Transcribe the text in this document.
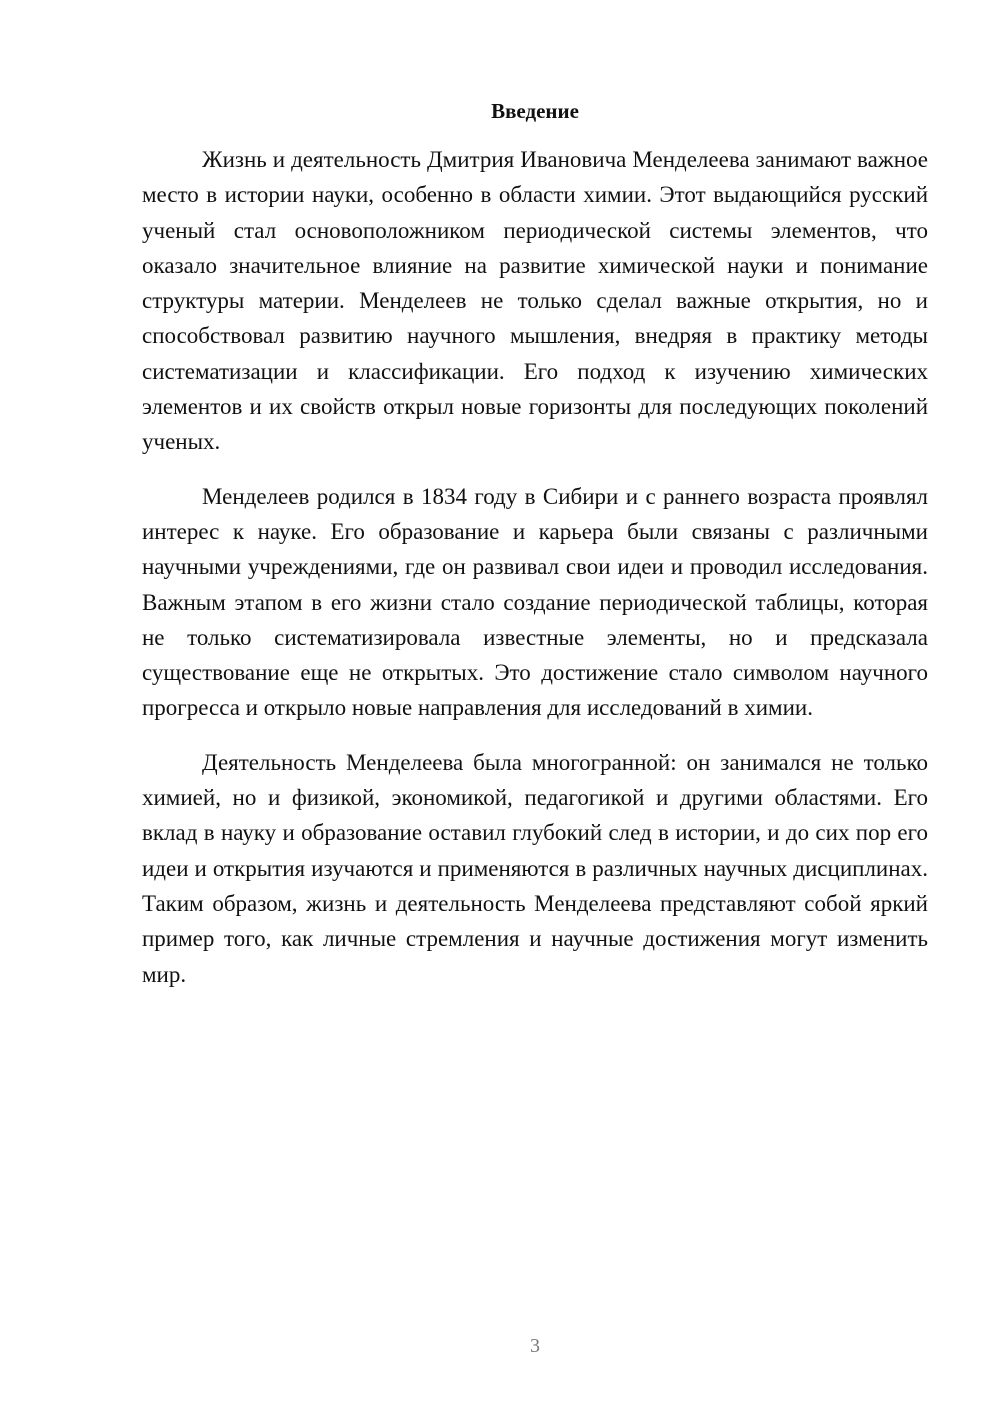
Введение

Жизнь и деятельность Дмитрия Ивановича Менделеева занимают важное место в истории науки, особенно в области химии. Этот выдающийся русский ученый стал основоположником периодической системы элементов, что оказало значительное влияние на развитие химической науки и понимание структуры материи. Менделеев не только сделал важные открытия, но и способствовал развитию научного мышления, внедряя в практику методы систематизации и классификации. Его подход к изучению химических элементов и их свойств открыл новые горизонты для последующих поколений ученых.

Менделеев родился в 1834 году в Сибири и с раннего возраста проявлял интерес к науке. Его образование и карьера были связаны с различными научными учреждениями, где он развивал свои идеи и проводил исследования. Важным этапом в его жизни стало создание периодической таблицы, которая не только систематизировала известные элементы, но и предсказала существование еще не открытых. Это достижение стало символом научного прогресса и открыло новые направления для исследований в химии.

Деятельность Менделеева была многогранной: он занимался не только химией, но и физикой, экономикой, педагогикой и другими областями. Его вклад в науку и образование оставил глубокий след в истории, и до сих пор его идеи и открытия изучаются и применяются в различных научных дисциплинах. Таким образом, жизнь и деятельность Менделеева представляют собой яркий пример того, как личные стремления и научные достижения могут изменить мир.

3
